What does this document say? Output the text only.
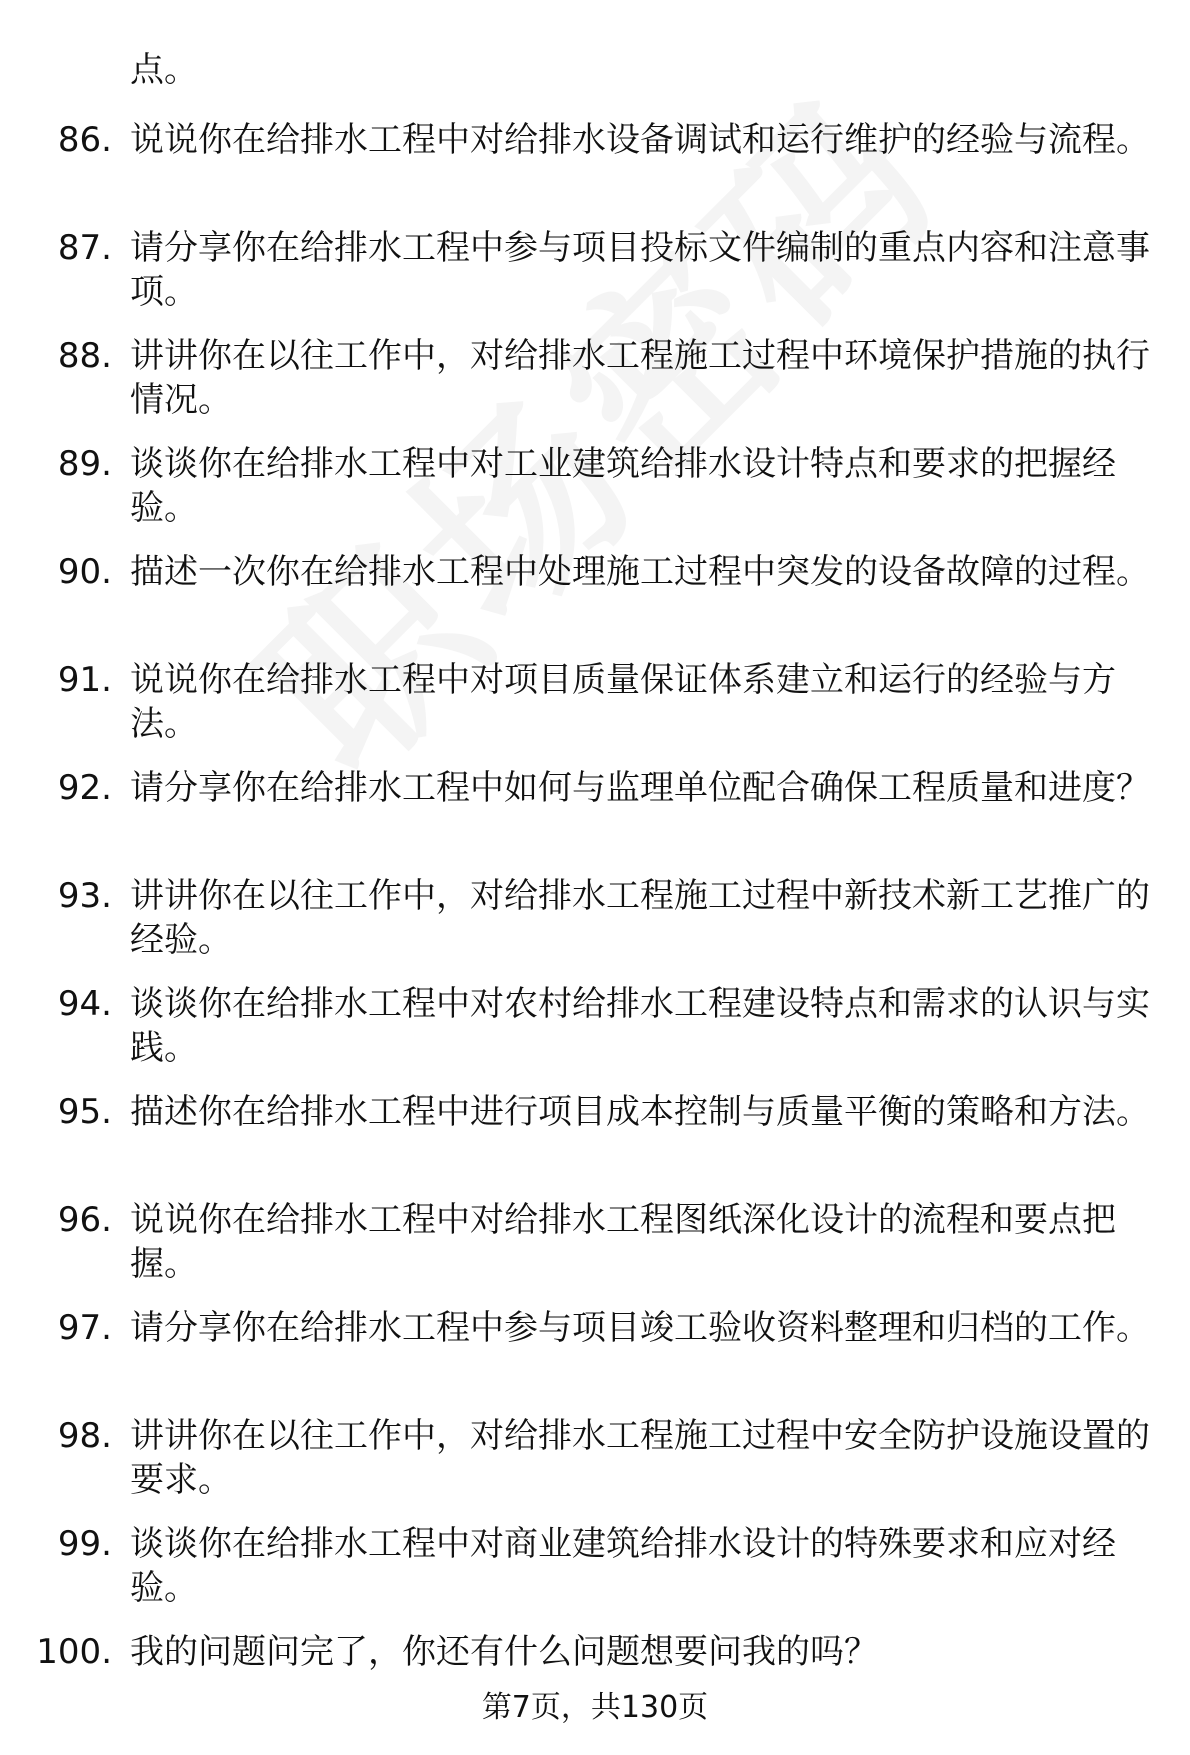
点。
86. 说说你在给排水工程中对给排水设备调试和运行维护的经验与流程。
87. 请分享你在给排水工程中参与项目投标文件编制的重点内容和注意事项。
88. 讲讲你在以往工作中，对给排水工程施工过程中环境保护措施的执行情况。
89. 谈谈你在给排水工程中对工业建筑给排水设计特点和要求的把握经验。
90. 描述一次你在给排水工程中处理施工过程中突发的设备故障的过程。
91. 说说你在给排水工程中对项目质量保证体系建立和运行的经验与方法。
92. 请分享你在给排水工程中如何与监理单位配合确保工程质量和进度？
93. 讲讲你在以往工作中，对给排水工程施工过程中新技术新工艺推广的经验。
94. 谈谈你在给排水工程中对农村给排水工程建设特点和需求的认识与实践。
95. 描述你在给排水工程中进行项目成本控制与质量平衡的策略和方法。
96. 说说你在给排水工程中对给排水工程图纸深化设计的流程和要点把握。
97. 请分享你在给排水工程中参与项目竣工验收资料整理和归档的工作。
98. 讲讲你在以往工作中，对给排水工程施工过程中安全防护设施设置的要求。
99. 谈谈你在给排水工程中对商业建筑给排水设计的特殊要求和应对经验。
100. 我的问题问完了，你还有什么问题想要问我的吗？
第7页，共130页
